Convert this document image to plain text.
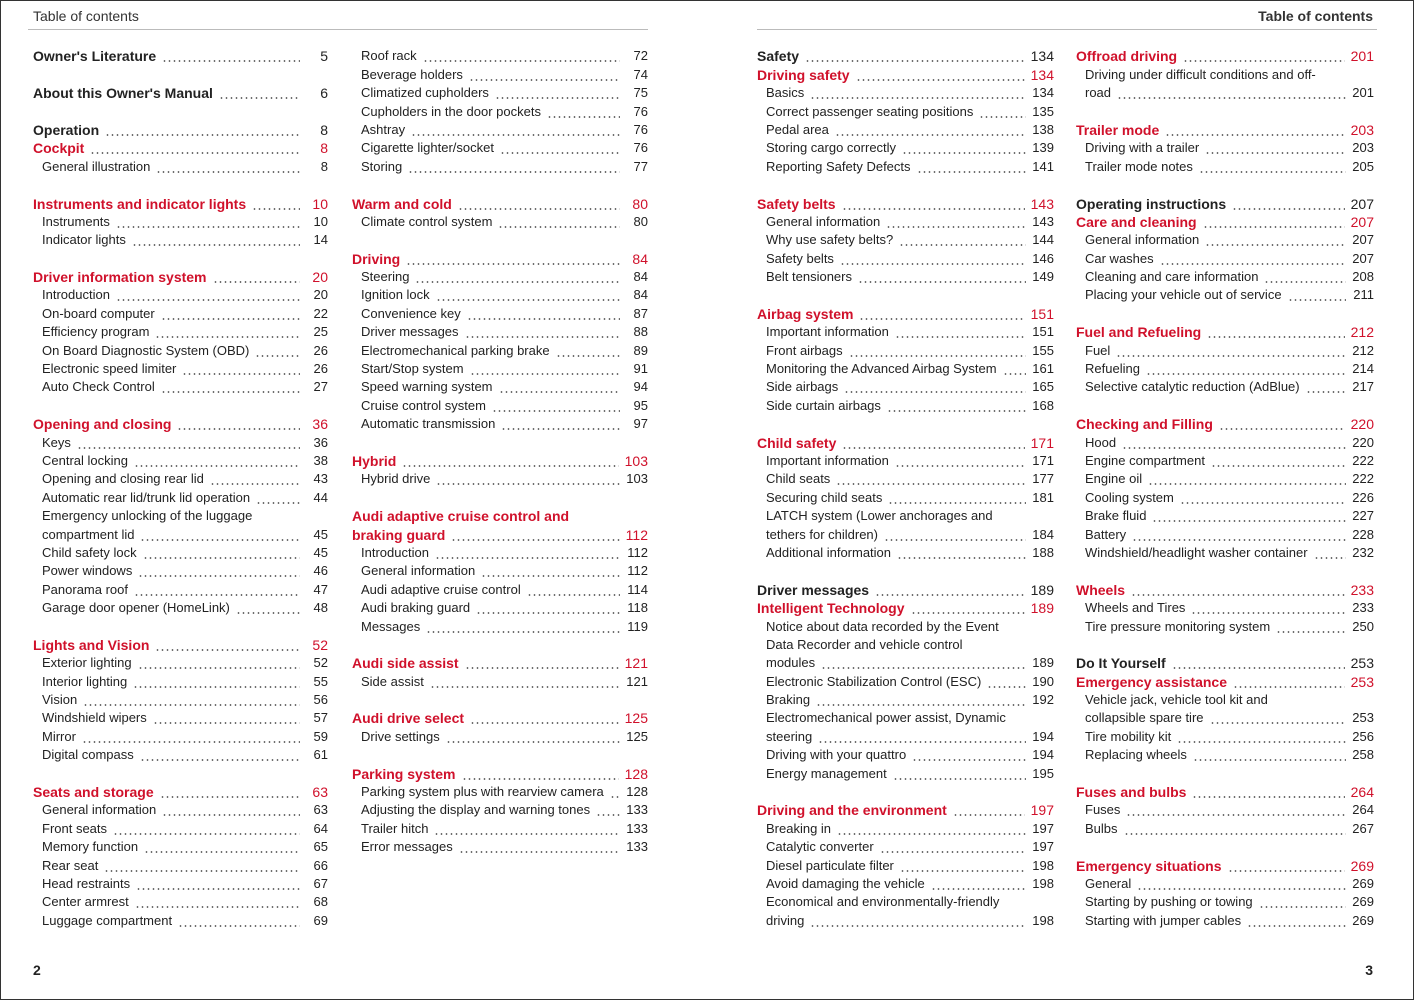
Table of contents	Table of contents
Owner's Literature	5
About this Owner's Manual	6
Operation	8
Cockpit	8
General illustration	8
Instruments and indicator lights	10
Instruments	10
Indicator lights	14
Driver information system	20
Introduction	20
On-board computer	22
Efficiency program	25
On Board Diagnostic System (OBD)	26
Electronic speed limiter	26
Auto Check Control	27
Opening and closing	36
Keys	36
Central locking	38
Opening and closing rear lid	43
Automatic rear lid/trunk lid operation	44
Emergency unlocking of the luggage
compartment lid	45
Child safety lock	45
Power windows	46
Panorama roof	47
Garage door opener (HomeLink)	48
Lights and Vision	52
Exterior lighting	52
Interior lighting	55
Vision	56
Windshield wipers	57
Mirror	59
Digital compass	61
Seats and storage	63
General information	63
Front seats	64
Memory function	65
Rear seat	66
Head restraints	67
Center armrest	68
Luggage compartment	69
Roof rack	72
Beverage holders	74
Climatized cupholders	75
Cupholders in the door pockets	76
Ashtray	76
Cigarette lighter/socket	76
Storing	77
Warm and cold	80
Climate control system	80
Driving	84
Steering	84
Ignition lock	84
Convenience key	87
Driver messages	88
Electromechanical parking brake	89
Start/Stop system	91
Speed warning system	94
Cruise control system	95
Automatic transmission	97
Hybrid	103
Hybrid drive	103
Audi adaptive cruise control and
braking guard	112
Introduction	112
General information	112
Audi adaptive cruise control	114
Audi braking guard	118
Messages	119
Audi side assist	121
Side assist	121
Audi drive select	125
Drive settings	125
Parking system	128
Parking system plus with rearview camera 128
Adjusting the display and warning tones	133
Trailer hitch	133
Error messages	133
Safety	134
Driving safety	134
Basics	134
Correct passenger seating positions	135
Pedal area	138
Storing cargo correctly	139
Reporting Safety Defects	141
Safety belts	143
General information	143
Why use safety belts?	144
Safety belts	146
Belt tensioners	149
Airbag system	151
Important information	151
Front airbags	155
Monitoring the Advanced Airbag System	161
Side airbags	165
Side curtain airbags	168
Child safety	171
Important information	171
Child seats	177
Securing child seats	181
LATCH system (Lower anchorages and
tethers for children)	184
Additional information	188
Driver messages	189
Intelligent Technology	189
Notice about data recorded by the Event
Data Recorder and vehicle control
modules	189
Electronic Stabilization Control (ESC)	190
Braking	192
Electromechanical power assist, Dynamic
steering	194
Driving with your quattro	194
Energy management	195
Driving and the environment	197
Breaking in	197
Catalytic converter	197
Diesel particulate filter	198
Avoid damaging the vehicle	198
Economical and environmentally-friendly
driving	198
Offroad driving	201
Driving under difficult conditions and off-
road	201
Trailer mode	203
Driving with a trailer	203
Trailer mode notes	205
Operating instructions	207
Care and cleaning	207
General information	207
Car washes	207
Cleaning and care information	208
Placing your vehicle out of service	211
Fuel and Refueling	212
Fuel	212
Refueling	214
Selective catalytic reduction (AdBlue)	217
Checking and Filling	220
Hood	220
Engine compartment	222
Engine oil	222
Cooling system	226
Brake fluid	227
Battery	228
Windshield/headlight washer container	232
Wheels	233
Wheels and Tires	233
Tire pressure monitoring system	250
Do It Yourself	253
Emergency assistance	253
Vehicle jack, vehicle tool kit and
collapsible spare tire	253
Tire mobility kit	256
Replacing wheels	258
Fuses and bulbs	264
Fuses	264
Bulbs	267
Emergency situations	269
General	269
Starting by pushing or towing	269
Starting with jumper cables	269
2	3
